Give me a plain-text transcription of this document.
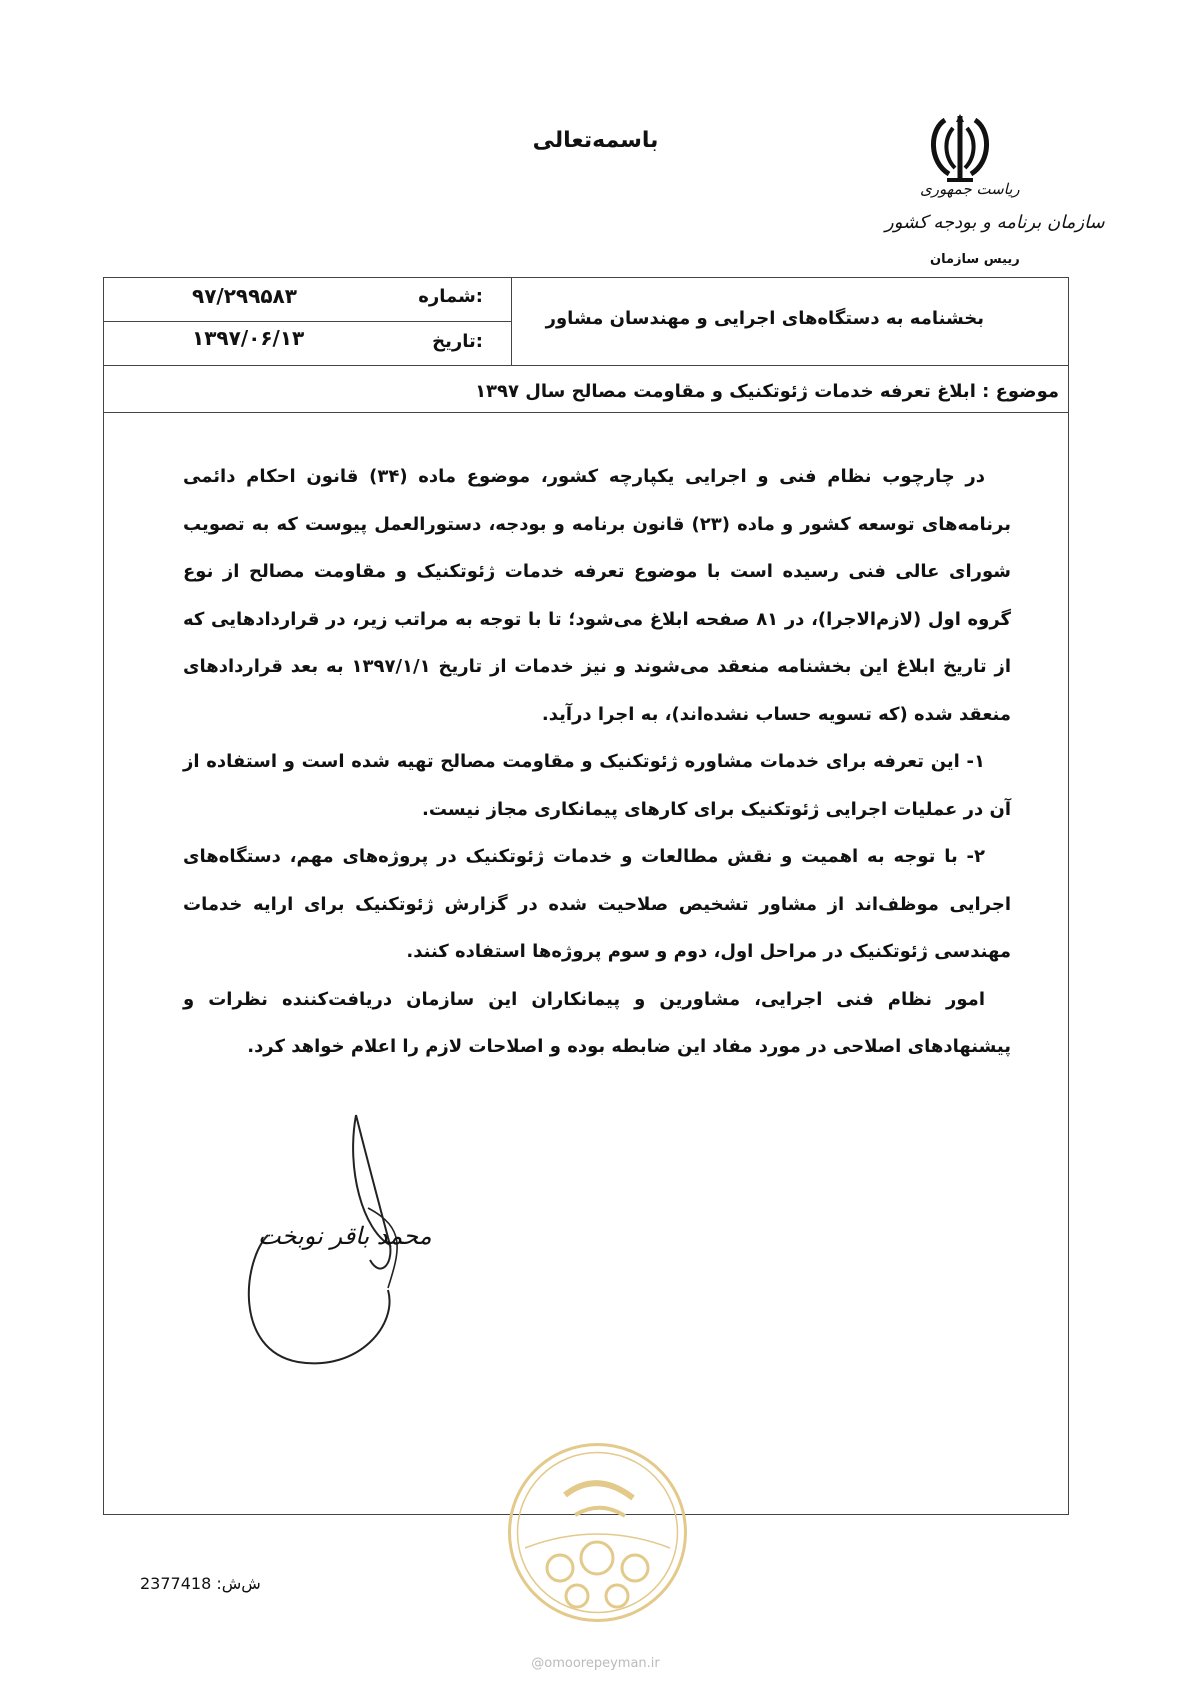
باسمه‌تعالی
ریاست جمهوری
سازمان برنامه و بودجه کشور
رییس سازمان
شماره:
۹۷/۲۹۹۵۸۳
تاریخ:
۱۳۹۷/۰۶/۱۳
بخشنامه به دستگاه‌های اجرایی و مهندسان مشاور
موضوع : ابلاغ تعرفه خدمات ژئوتکنیک و مقاومت مصالح سال ۱۳۹۷

در چارچوب نظام فنی و اجرایی یکپارچه کشور، موضوع ماده (۳۴) قانون احکام دائمی برنامه‌های توسعه کشور و ماده (۲۳) قانون برنامه و بودجه، دستورالعمل پیوست که به تصویب شورای عالی فنی رسیده است با موضوع تعرفه خدمات ژئوتکنیک و مقاومت مصالح از نوع گروه اول (لازم‌الاجرا)، در ۸۱ صفحه ابلاغ می‌شود؛ تا با توجه به مراتب زیر، در قراردادهایی که از تاریخ ابلاغ این بخشنامه منعقد می‌شوند و نیز خدمات از تاریخ ۱۳۹۷/۱/۱ به بعد قراردادهای منعقد شده (که تسویه حساب نشده‌اند)، به اجرا درآید.

۱- این تعرفه برای خدمات مشاوره ژئوتکنیک و مقاومت مصالح تهیه شده است و استفاده از آن در عملیات اجرایی ژئوتکنیک برای کارهای پیمانکاری مجاز نیست.

۲- با توجه به اهمیت و نقش مطالعات و خدمات ژئوتکنیک در پروژه‌های مهم، دستگاه‌های اجرایی موظف‌اند از مشاور تشخیص صلاحیت شده در گزارش ژئوتکنیک برای ارایه خدمات مهندسی ژئوتکنیک در مراحل اول، دوم و سوم پروژه‌ها استفاده کنند.

امور نظام فنی اجرایی، مشاورین و پیمانکاران این سازمان دریافت‌کننده نظرات و پیشنهادهای اصلاحی در مورد مفاد این ضابطه بوده و اصلاحات لازم را اعلام خواهد کرد.

محمد باقر نوبخت
ش‌ش: 2377418
@omoorepeyman.ir
